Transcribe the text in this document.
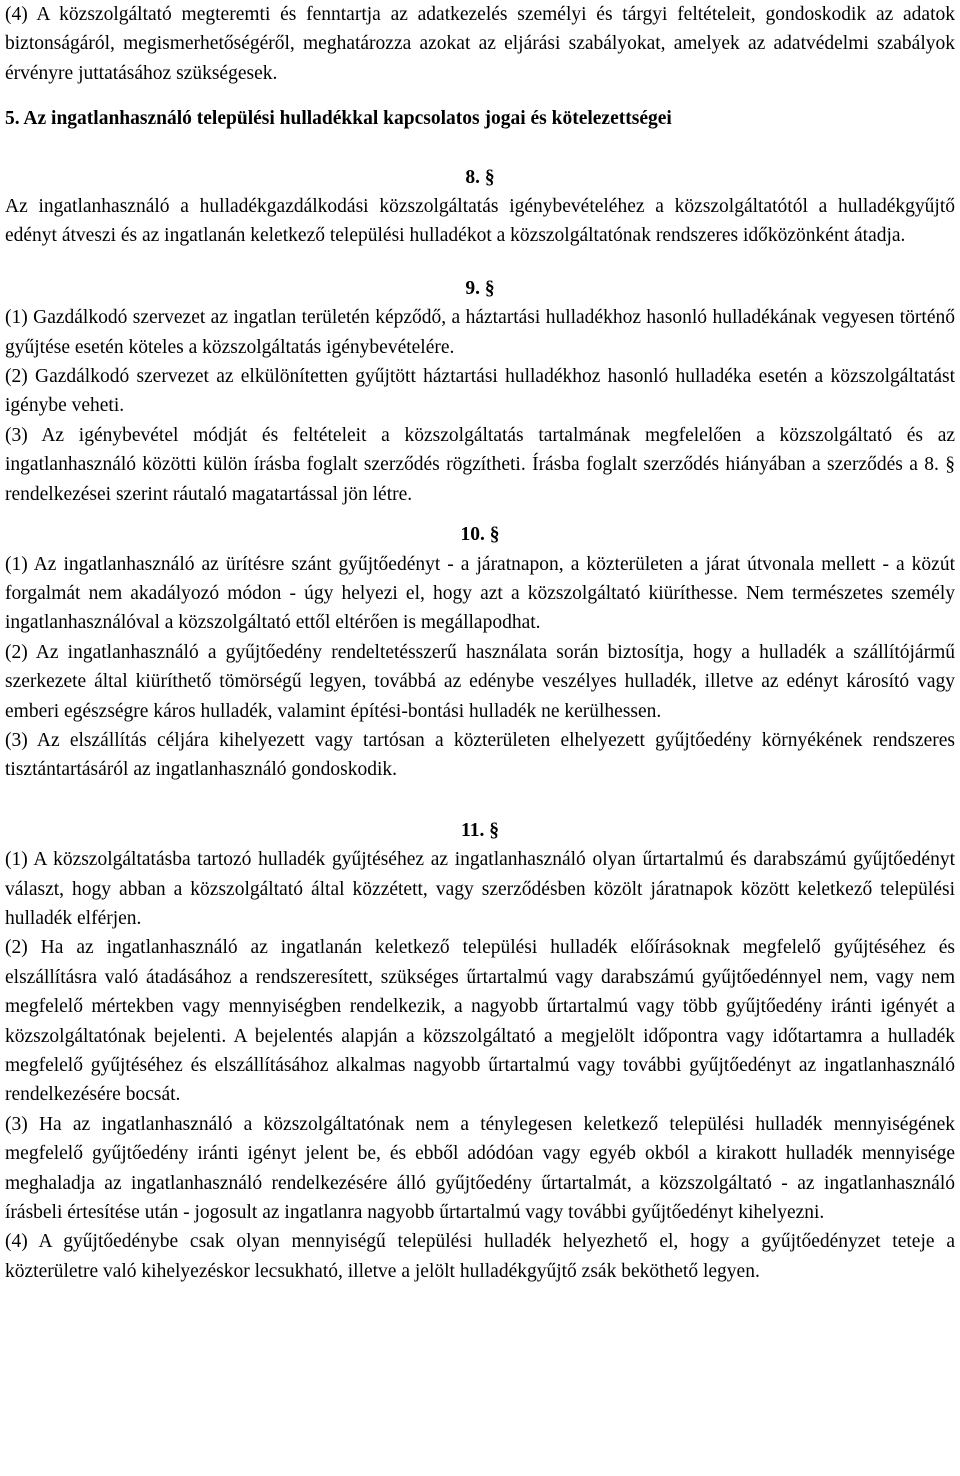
(4) A közszolgáltató megteremti és fenntartja az adatkezelés személyi és tárgyi feltételeit, gondoskodik az adatok biztonságáról, megismerhetőségéről, meghatározza azokat az eljárási szabályokat, amelyek az adatvédelmi szabályok érvényre juttatásához szükségesek.

5. Az ingatlanhasználó települési hulladékkal kapcsolatos jogai és kötelezettségei

8. §

Az ingatlanhasználó a hulladékgazdálkodási közszolgáltatás igénybevételéhez a közszolgáltatótól a hulladékgyűjtő edényt átveszi és az ingatlanán keletkező települési hulladékot a közszolgáltatónak rendszeres időközönként átadja.

9. §

(1) Gazdálkodó szervezet az ingatlan területén képződő, a háztartási hulladékhoz hasonló hulladékának vegyesen történő gyűjtése esetén köteles a közszolgáltatás igénybevételére.

(2) Gazdálkodó szervezet az elkülönítetten gyűjtött háztartási hulladékhoz hasonló hulladéka esetén a közszolgáltatást igénybe veheti.

(3) Az igénybevétel módját és feltételeit a közszolgáltatás tartalmának megfelelően a közszolgáltató és az ingatlanhasználó közötti külön írásba foglalt szerződés rögzítheti. Írásba foglalt szerződés hiányában a szerződés a 8. § rendelkezései szerint ráutaló magatartással jön létre.

10. §

(1) Az ingatlanhasználó az ürítésre szánt gyűjtőedényt - a járatnapon, a közterületen a járat útvonala mellett - a közút forgalmát nem akadályozó módon - úgy helyezi el, hogy azt a közszolgáltató kiüríthesse. Nem természetes személy ingatlanhasználóval a közszolgáltató ettől eltérően is megállapodhat.

(2) Az ingatlanhasználó a gyűjtőedény rendeltetésszerű használata során biztosítja, hogy a hulladék a szállítójármű szerkezete által kiüríthető tömörségű legyen, továbbá az edénybe veszélyes hulladék, illetve az edényt károsító vagy emberi egészségre káros hulladék, valamint építési-bontási hulladék ne kerülhessen.

(3) Az elszállítás céljára kihelyezett vagy tartósan a közterületen elhelyezett gyűjtőedény környékének rendszeres tisztántartásáról az ingatlanhasználó gondoskodik.

11. §

(1) A közszolgáltatásba tartozó hulladék gyűjtéséhez az ingatlanhasználó olyan űrtartalmú és darabszámú gyűjtőedényt választ, hogy abban a közszolgáltató által közzétett, vagy szerződésben közölt járatnapok között keletkező települési hulladék elférjen.

(2) Ha az ingatlanhasználó az ingatlanán keletkező települési hulladék előírásoknak megfelelő gyűjtéséhez és elszállításra való átadásához a rendszeresített, szükséges űrtartalmú vagy darabszámú gyűjtőedénnyel nem, vagy nem megfelelő mértekben vagy mennyiségben rendelkezik, a nagyobb űrtartalmú vagy több gyűjtőedény iránti igényét a közszolgáltatónak bejelenti. A bejelentés alapján a közszolgáltató a megjelölt időpontra vagy időtartamra a hulladék megfelelő gyűjtéséhez és elszállításához alkalmas nagyobb űrtartalmú vagy további gyűjtőedényt az ingatlanhasználó rendelkezésére bocsát.

(3) Ha az ingatlanhasználó a közszolgáltatónak nem a ténylegesen keletkező települési hulladék mennyiségének megfelelő gyűjtőedény iránti igényt jelent be, és ebből adódóan vagy egyéb okból a kirakott hulladék mennyisége meghaladja az ingatlanhasználó rendelkezésére álló gyűjtőedény űrtartalmát, a közszolgáltató - az ingatlanhasználó írásbeli értesítése után - jogosult az ingatlanra nagyobb űrtartalmú vagy további gyűjtőedényt kihelyezni.

(4) A gyűjtőedénybe csak olyan mennyiségű települési hulladék helyezhető el, hogy a gyűjtőedényzet teteje a közterületre való kihelyezéskor lecsukható, illetve a jelölt hulladékgyűjtő zsák beköthető legyen.
